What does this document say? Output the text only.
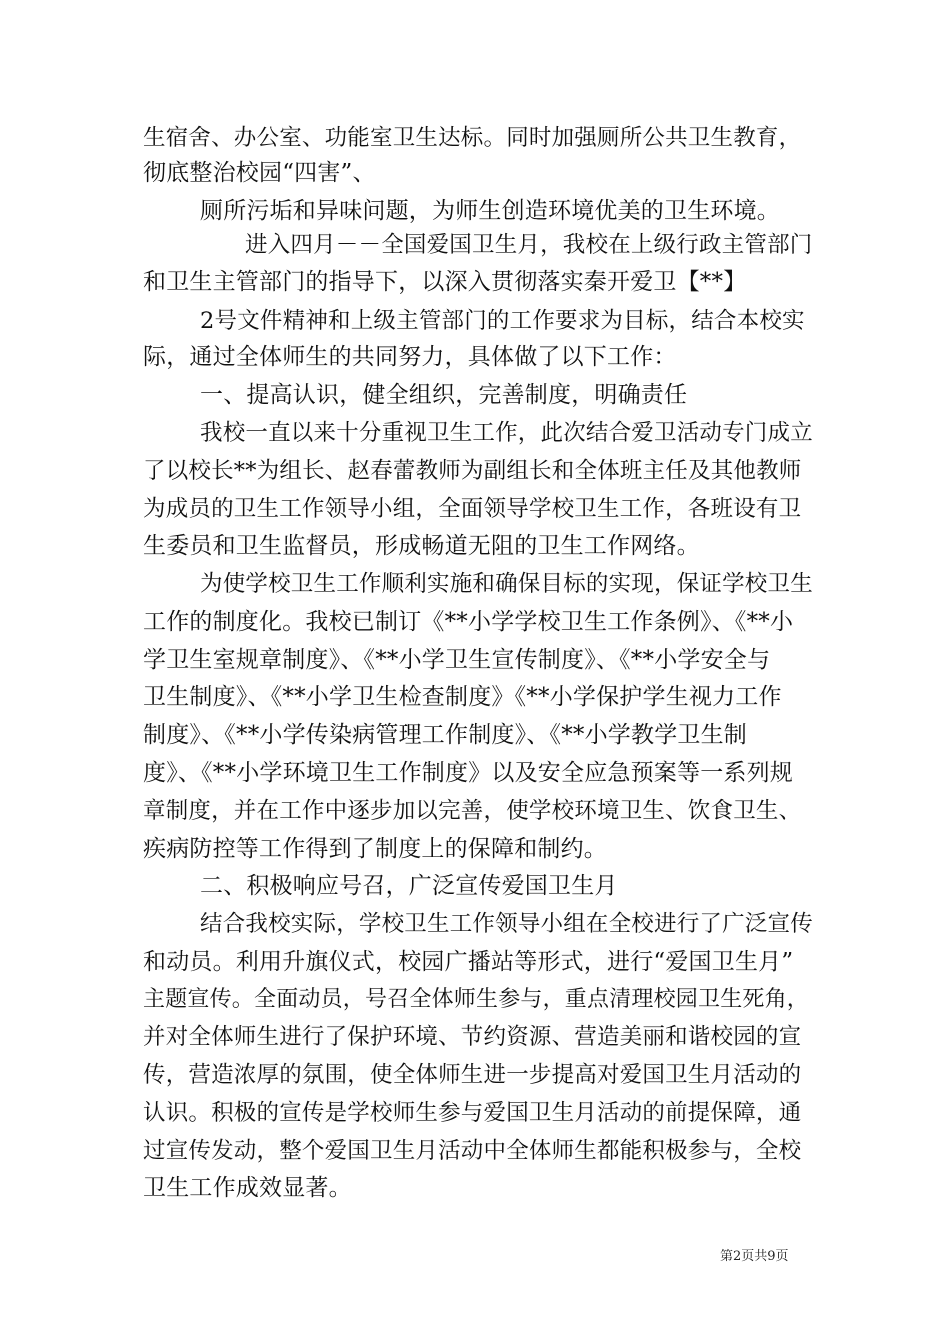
生宿舍、办公室、功能室卫生达标。同时加强厕所公共卫生教育，
彻底整治校园“四害”、
厕所污垢和异味问题，为师生创造环境优美的卫生环境。
进入四月－－全国爱国卫生月，我校在上级行政主管部门
和卫生主管部门的指导下，以深入贯彻落实秦开爱卫【**】
2号文件精神和上级主管部门的工作要求为目标，结合本校实
际，通过全体师生的共同努力，具体做了以下工作：
一、提高认识，健全组织，完善制度，明确责任
我校一直以来十分重视卫生工作，此次结合爱卫活动专门成立
了以校长**为组长、赵春蕾教师为副组长和全体班主任及其他教师
为成员的卫生工作领导小组，全面领导学校卫生工作，各班设有卫
生委员和卫生监督员，形成畅道无阻的卫生工作网络。
为使学校卫生工作顺利实施和确保目标的实现，保证学校卫生
工作的制度化。我校已制订《**小学学校卫生工作条例》、《**小
学卫生室规章制度》、《**小学卫生宣传制度》、《**小学安全与
卫生制度》、《**小学卫生检查制度》《**小学保护学生视力工作
制度》、《**小学传染病管理工作制度》、《**小学教学卫生制
度》、《**小学环境卫生工作制度》以及安全应急预案等一系列规
章制度，并在工作中逐步加以完善，使学校环境卫生、饮食卫生、
疾病防控等工作得到了制度上的保障和制约。
二、积极响应号召，广泛宣传爱国卫生月
结合我校实际，学校卫生工作领导小组在全校进行了广泛宣传
和动员。利用升旗仪式，校园广播站等形式，进行“爱国卫生月”
主题宣传。全面动员，号召全体师生参与，重点清理校园卫生死角，
并对全体师生进行了保护环境、节约资源、营造美丽和谐校园的宣
传，营造浓厚的氛围，使全体师生进一步提高对爱国卫生月活动的
认识。积极的宣传是学校师生参与爱国卫生月活动的前提保障，通
过宣传发动，整个爱国卫生月活动中全体师生都能积极参与，全校
卫生工作成效显著。
第2页共9页
